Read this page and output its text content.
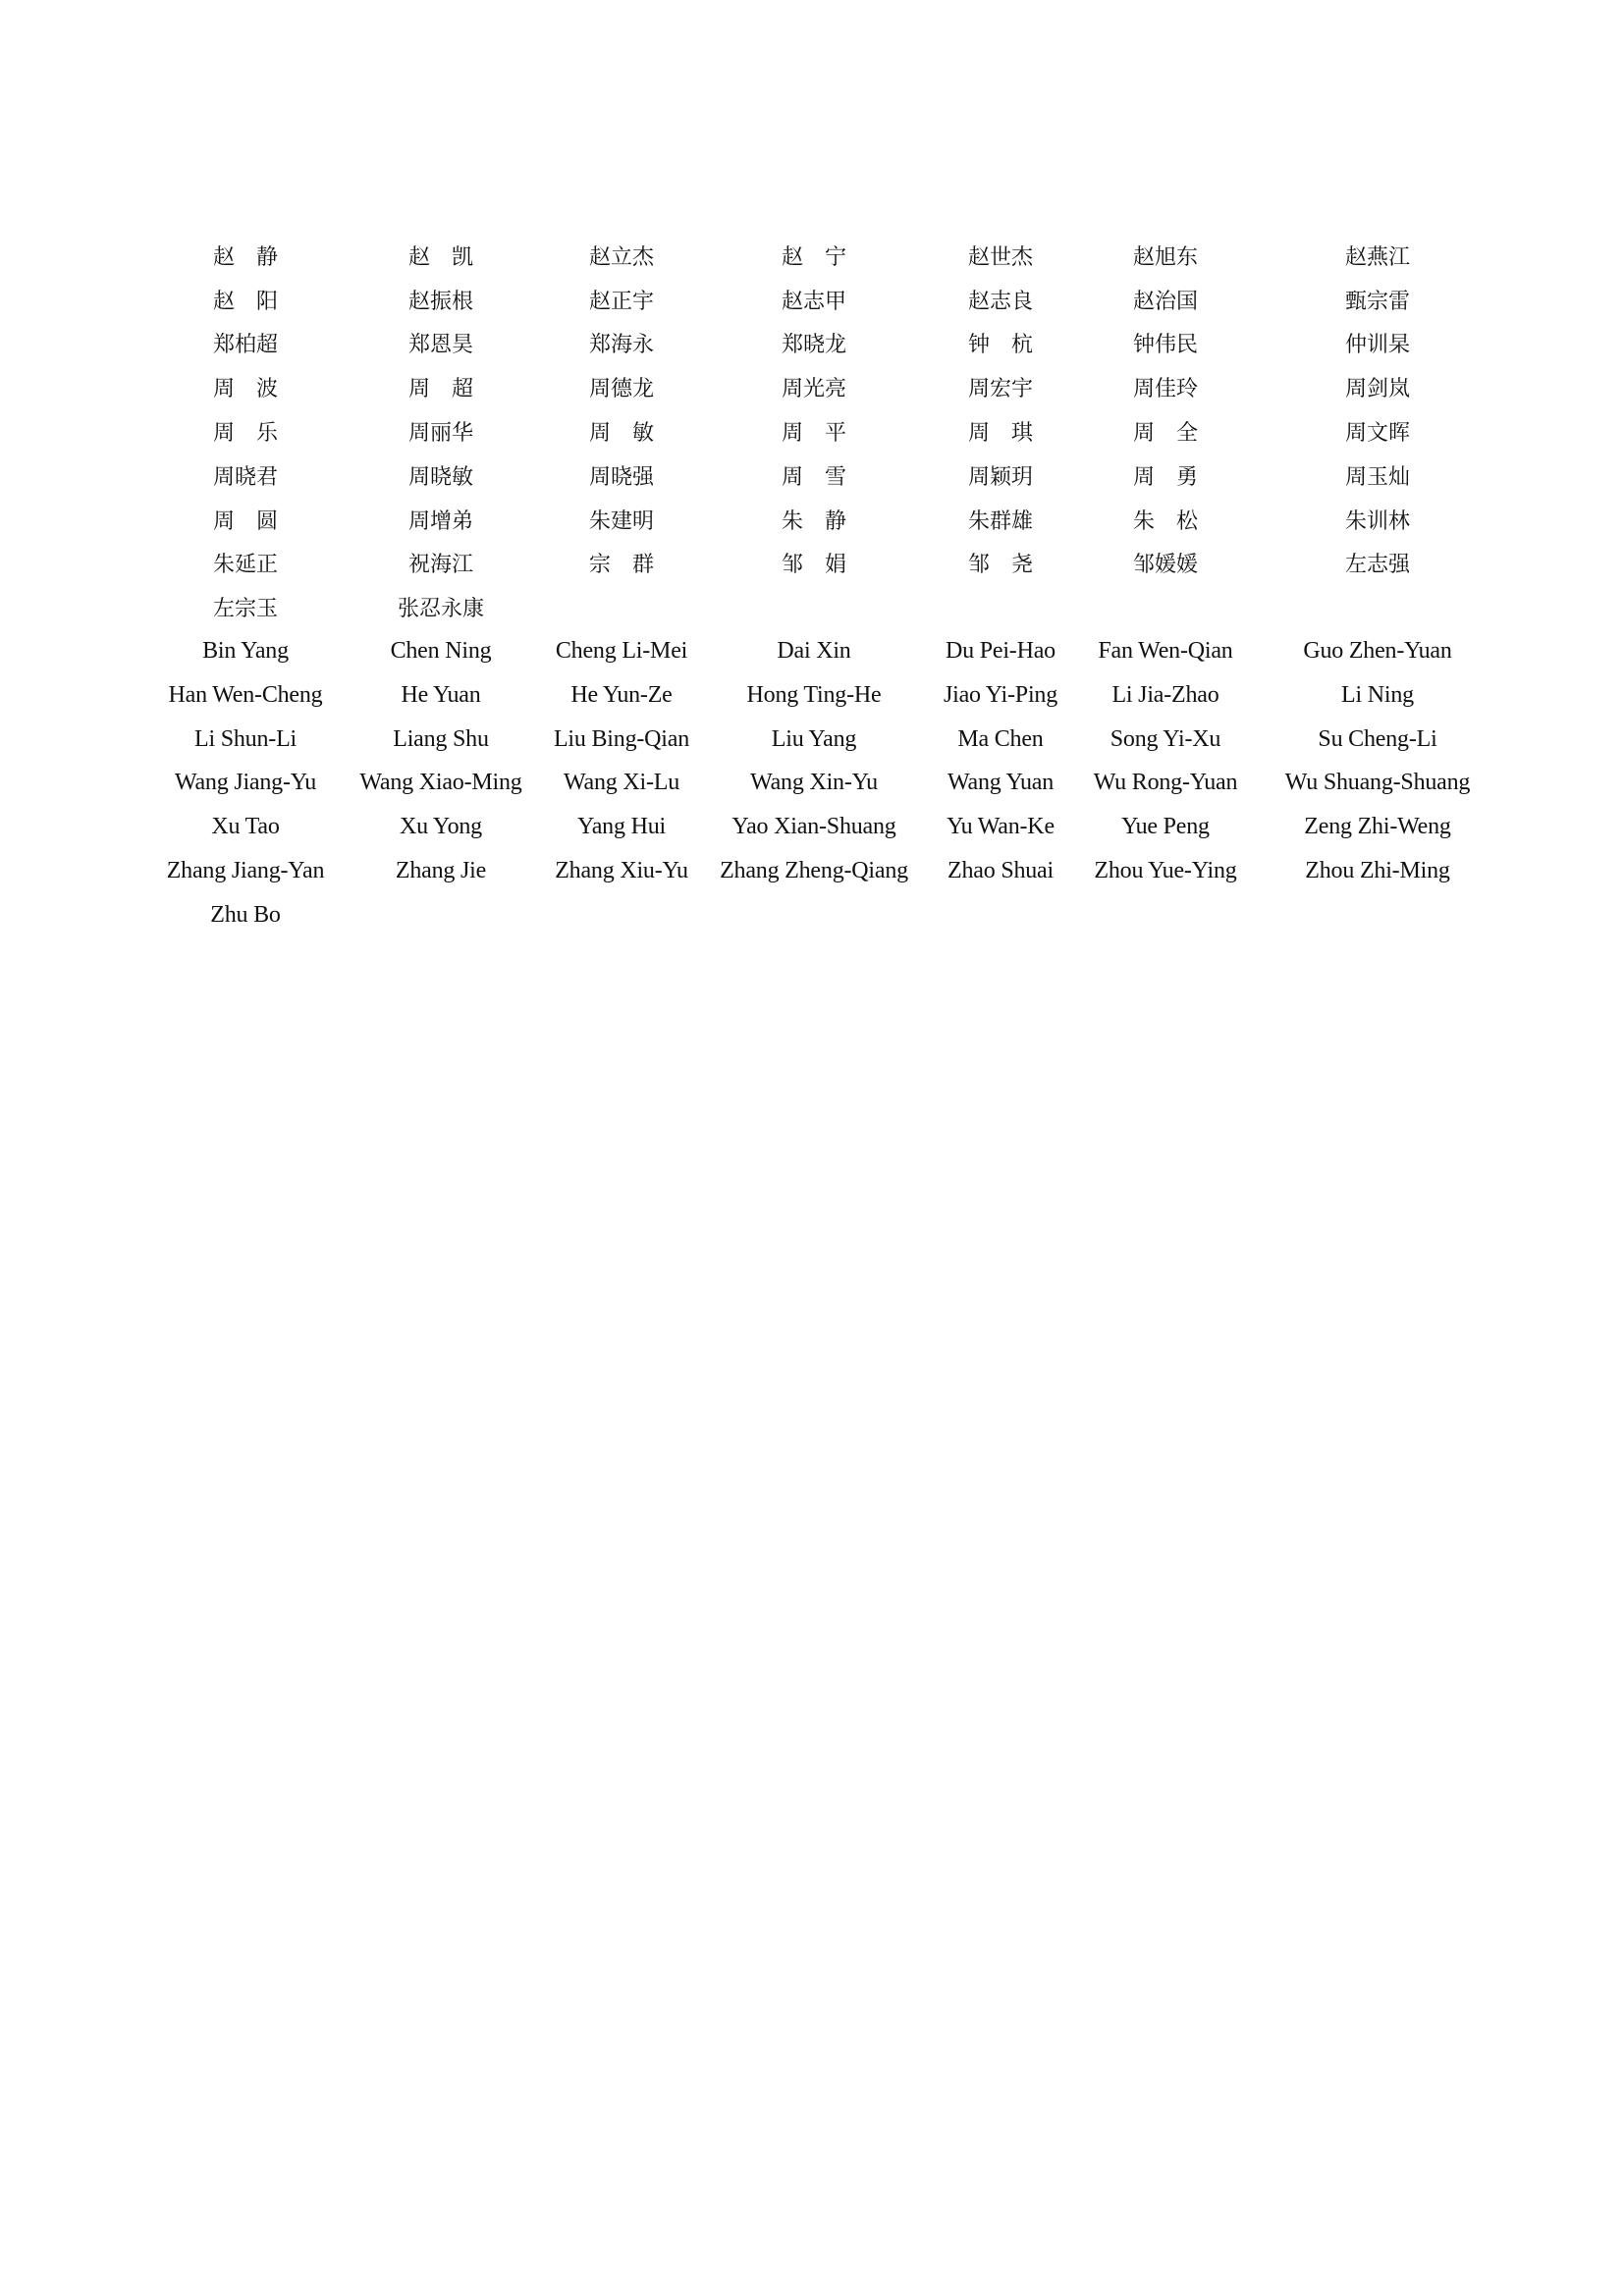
赵　静	赵　凯	赵立杰	赵　宁	赵世杰	赵旭东	赵燕江
赵　阳	赵振根	赵正宇	赵志甲	赵志良	赵治国	甄宗雷
郑柏超	郑恩昊	郑海永	郑晓龙	钟　杭	钟伟民	仲训杲
周　波	周　超	周德龙	周光亮	周宏宇	周佳玲	周剑岚
周　乐	周丽华	周　敏	周　平	周　琪	周　全	周文晖
周晓君	周晓敏	周晓强	周　雪	周颖玥	周　勇	周玉灿
周　圆	周增弟	朱建明	朱　静	朱群雄	朱　松	朱训林
朱延正	祝海江	宗　群	邹　娟	邹　尧	邹媛媛	左志强
左宗玉	张忍永康					
Bin Yang	Chen Ning	Cheng Li-Mei	Dai Xin	Du Pei-Hao	Fan Wen-Qian	Guo Zhen-Yuan
Han Wen-Cheng	He Yuan	He Yun-Ze	Hong Ting-He	Jiao Yi-Ping	Li Jia-Zhao	Li Ning
Li Shun-Li	Liang Shu	Liu Bing-Qian	Liu Yang	Ma Chen	Song Yi-Xu	Su Cheng-Li
Wang Jiang-Yu	Wang Xiao-Ming	Wang Xi-Lu	Wang Xin-Yu	Wang Yuan	Wu Rong-Yuan	Wu Shuang-Shuang
Xu Tao	Xu Yong	Yang Hui	Yao Xian-Shuang	Yu Wan-Ke	Yue Peng	Zeng Zhi-Weng
Zhang Jiang-Yan	Zhang Jie	Zhang Xiu-Yu	Zhang Zheng-Qiang	Zhao Shuai	Zhou Yue-Ying	Zhou Zhi-Ming
Zhu Bo						
